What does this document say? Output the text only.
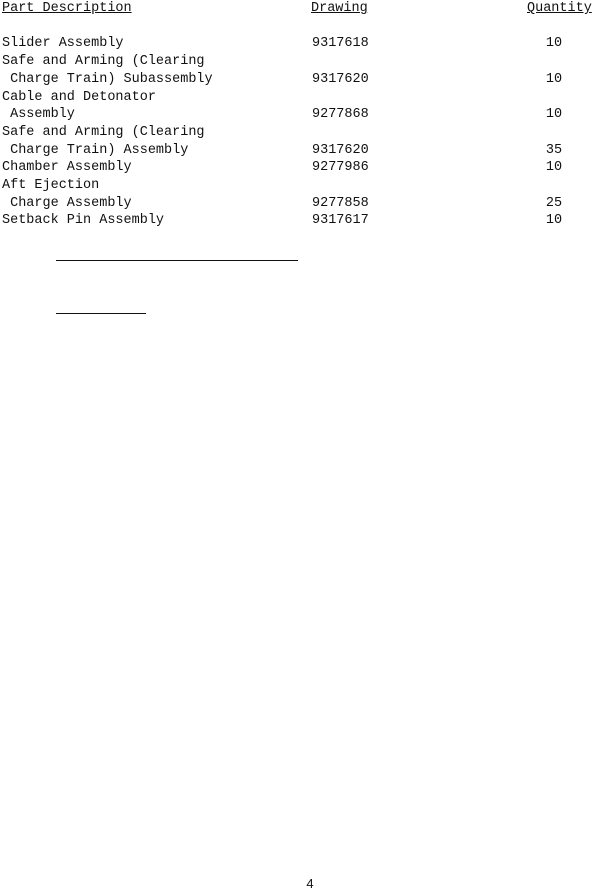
Part Description	Drawing	Quantity
Slider Assembly	9317618	10
Safe and Arming (Clearing
Charge Train) Subassembly	9317620	10
Cable and Detonator
Assembly	9277868	10
Safe and Arming (Clearing
Charge Train) Assembly	9317620	35
Chamber Assembly	9277986	10
Aft Ejection
Charge Assembly	9277858	25
Setback Pin Assembly	9317617	10
4
